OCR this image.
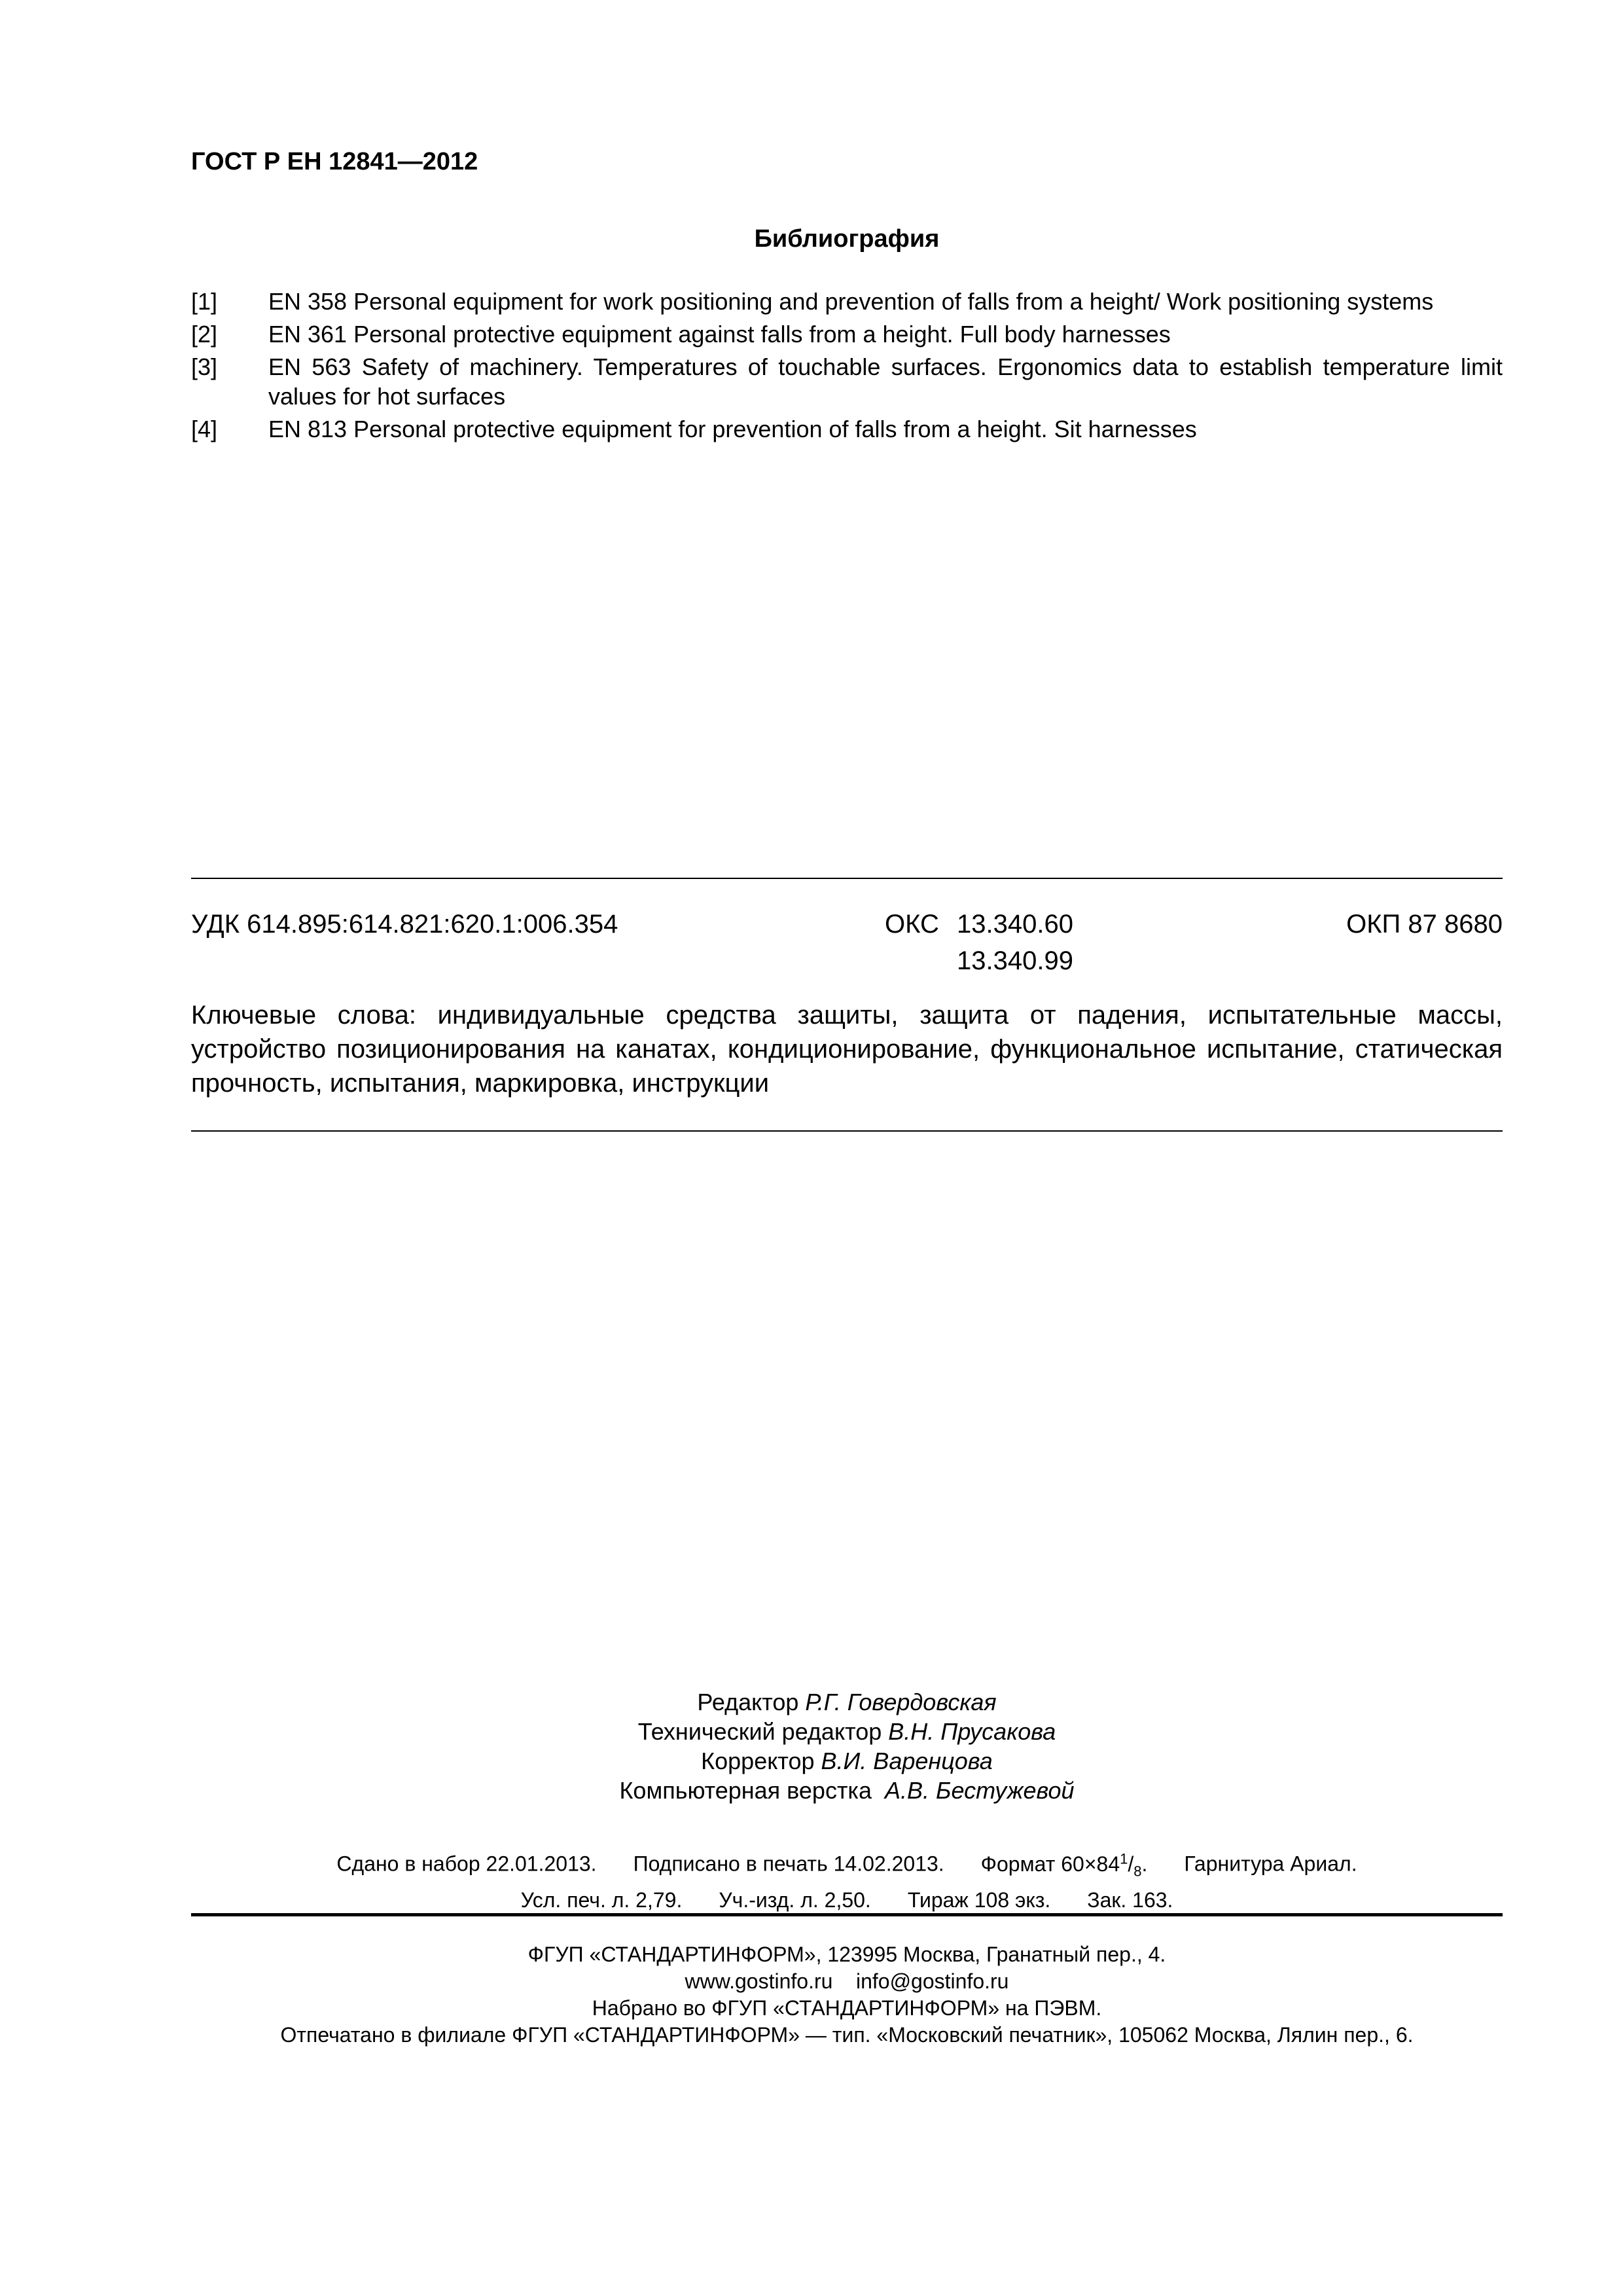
ГОСТ Р ЕН 12841—2012
Библиография
[1]	EN 358 Personal equipment for work positioning and prevention of falls from a height/ Work positioning systems
[2]	EN 361 Personal protective equipment against falls from a height. Full body harnesses
[3]	EN 563 Safety of machinery. Temperatures of touchable surfaces. Ergonomics data to establish temperature limit values for hot surfaces
[4]	EN 813 Personal protective equipment for prevention of falls from a height. Sit harnesses
УДК 614.895:614.821:620.1:006.354	ОКС 13.340.60
13.340.99
ОКП 87 8680
Ключевые слова: индивидуальные средства защиты, защита от падения, испытательные массы, устройство позиционирования на канатах, кондиционирование, функциональное испытание, статическая прочность, испытания, маркировка, инструкции
Редактор Р.Г. Говердовская
Технический редактор В.Н. Прусакова
Корректор В.И. Варенцова
Компьютерная верстка А.В. Бестужевой
Сдано в набор 22.01.2013. Подписано в печать 14.02.2013. Формат $60\times 84^1/_8$. Гарнитура Ариал.
Усл. печ. л. 2,79. Уч.-изд. л. 2,50. Тираж 108 экз. Зак. 163.
ФГУП «СТАНДАРТИНФОРМ», 123995 Москва, Гранатный пер., 4.
www.gostinfo.ru info@gostinfo.ru
Набрано во ФГУП «СТАНДАРТИНФОРМ» на ПЭВМ.
Отпечатано в филиале ФГУП «СТАНДАРТИНФОРМ» — тип. «Московский печатник», 105062 Москва, Лялин пер., 6.
